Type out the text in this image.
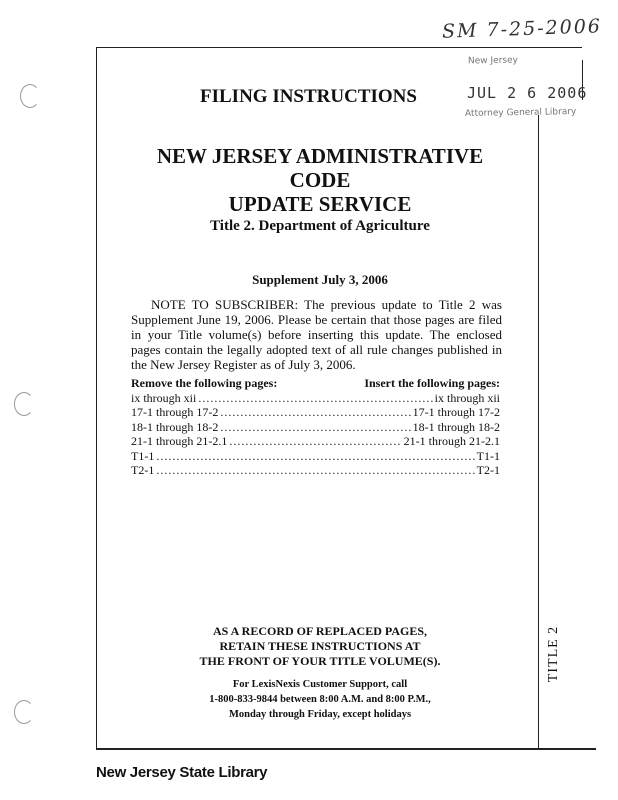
SM 7-25-2006
New Jersey
JUL 2 6 2006
Attorney General Library
FILING INSTRUCTIONS
NEW JERSEY ADMINISTRATIVE CODE
UPDATE SERVICE
Title 2. Department of Agriculture
Supplement July 3, 2006
NOTE TO SUBSCRIBER: The previous update to Title 2 was Supplement June 19, 2006. Please be certain that those pages are filed in your Title volume(s) before inserting this update. The enclosed pages contain the legally adopted text of all rule changes published in the New Jersey Register as of July 3, 2006.
Remove the following pages:	Insert the following pages:
ix through xii .....	ix through xii
17-1 through 17-2 .....	17-1 through 17-2
18-1 through 18-2 .....	18-1 through 18-2
21-1 through 21-2.1 .....	21-1 through 21-2.1
T1-1 .....	T1-1
T2-1 .....	T2-1
AS A RECORD OF REPLACED PAGES,
RETAIN THESE INSTRUCTIONS AT
THE FRONT OF YOUR TITLE VOLUME(S).
For LexisNexis Customer Support, call
1-800-833-9844 between 8:00 A.M. and 8:00 P.M.,
Monday through Friday, except holidays
TITLE 2
New Jersey State Library
